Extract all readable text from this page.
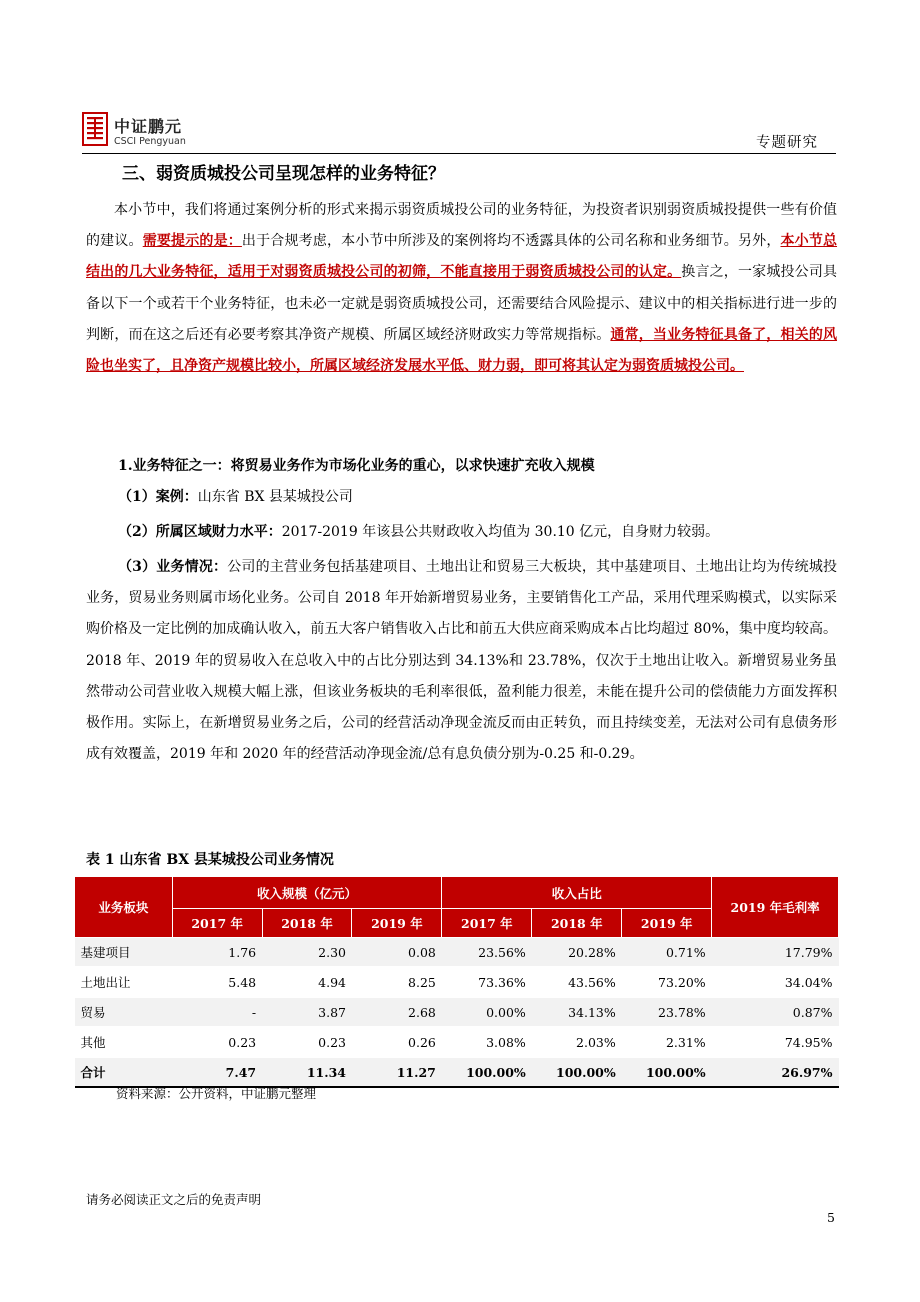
中证鹏元
CSCI Pengyuan	专题研究
三、弱资质城投公司呈现怎样的业务特征？

本小节中，我们将通过案例分析的形式来揭示弱资质城投公司的业务特征，为投资者识别弱资质城投提供一些有价值的建议。需要提示的是：出于合规考虑，本小节中所涉及的案例将均不透露具体的公司名称和业务细节。另外，本小节总结出的几大业务特征，适用于对弱资质城投公司的初筛，不能直接用于弱资质城投公司的认定。换言之，一家城投公司具备以下一个或若干个业务特征，也未必一定就是弱资质城投公司，还需要结合风险提示、建议中的相关指标进行进一步的判断，而在这之后还有必要考察其净资产规模、所属区域经济财政实力等常规指标。通常，当业务特征具备了，相关的风险也坐实了，且净资产规模比较小，所属区域经济发展水平低、财力弱，即可将其认定为弱资质城投公司。

1.业务特征之一：将贸易业务作为市场化业务的重心，以求快速扩充收入规模

（1）案例：山东省 BX 县某城投公司

（2）所属区域财力水平：2017-2019 年该县公共财政收入均值为 30.10 亿元，自身财力较弱。

（3）业务情况：公司的主营业务包括基建项目、土地出让和贸易三大板块，其中基建项目、土地出让均为传统城投业务，贸易业务则属市场化业务。公司自 2018 年开始新增贸易业务，主要销售化工产品，采用代理采购模式，以实际采购价格及一定比例的加成确认收入，前五大客户销售收入占比和前五大供应商采购成本占比均超过 80%，集中度均较高。2018 年、2019 年的贸易收入在总收入中的占比分别达到 34.13%和 23.78%，仅次于土地出让收入。新增贸易业务虽然带动公司营业收入规模大幅上涨，但该业务板块的毛利率很低，盈利能力很差，未能在提升公司的偿债能力方面发挥积极作用。实际上，在新增贸易业务之后，公司的经营活动净现金流反而由正转负，而且持续变差，无法对公司有息债务形成有效覆盖，2019 年和 2020 年的经营活动净现金流/总有息负债分别为-0.25 和-0.29。

表 1 山东省 BX 县某城投公司业务情况
业务板块	收入规模（亿元）			收入占比			2019 年毛利率
	2017 年	2018 年	2019 年	2017 年	2018 年	2019 年	
基建项目	1.76	2.30	0.08	23.56%	20.28%	0.71%	17.79%
土地出让	5.48	4.94	8.25	73.36%	43.56%	73.20%	34.04%
贸易	-	3.87	2.68	0.00%	34.13%	23.78%	0.87%
其他	0.23	0.23	0.26	3.08%	2.03%	2.31%	74.95%
合计	7.47	11.34	11.27	100.00%	100.00%	100.00%	26.97%
资料来源：公开资料，中证鹏元整理
请务必阅读正文之后的免责声明
5
